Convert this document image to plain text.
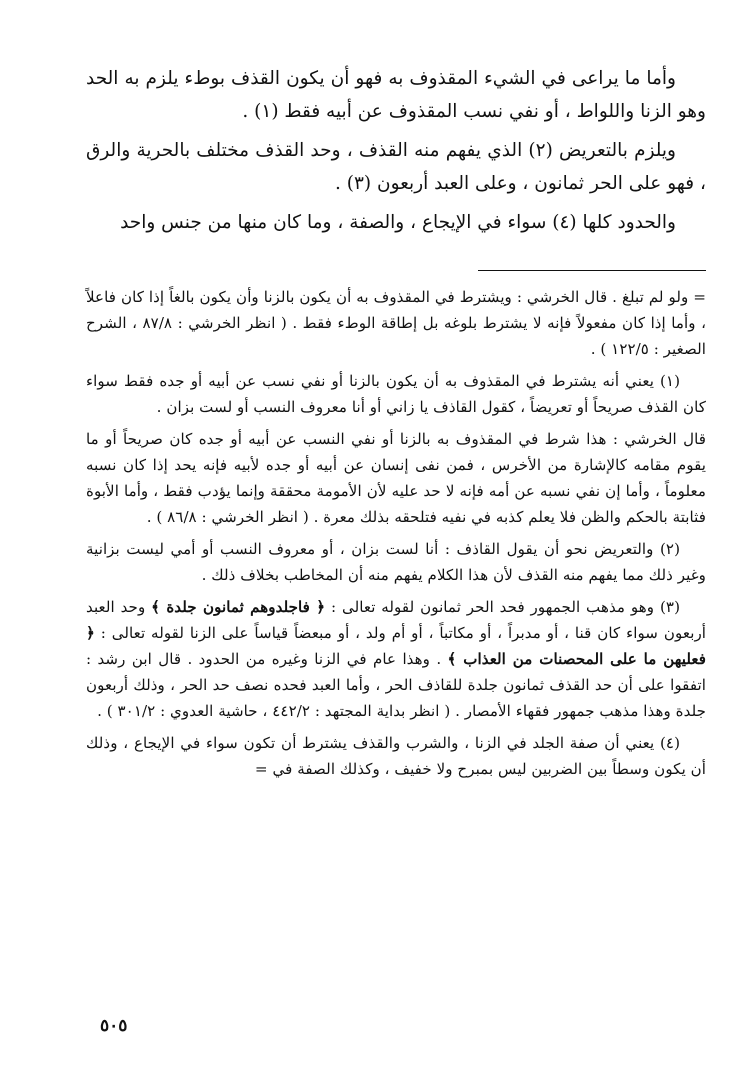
وأما ما يراعى في الشيء المقذوف به فهو أن يكون القذف بوطء يلزم به الحد وهو الزنا واللواط ، أو نفي نسب المقذوف عن أبيه فقط (١) .

ويلزم بالتعريض (٢) الذي يفهم منه القذف ، وحد القذف مختلف بالحرية والرق ، فهو على الحر ثمانون ، وعلى العبد أربعون (٣) .

والحدود كلها (٤) سواء في الإيجاع ، والصفة ، وما كان منها من جنس واحد

= ولو لم تبلغ . قال الخرشي : ويشترط في المقذوف به أن يكون بالزنا وأن يكون بالغاً إذا كان فاعلاً ، وأما إذا كان مفعولاً فإنه لا يشترط بلوغه بل إطاقة الوطء فقط . ( انظر الخرشي : ٨٧/٨ ، الشرح الصغير : ١٢٢/٥ ) .

(١) يعني أنه يشترط في المقذوف به أن يكون بالزنا أو نفي نسب عن أبيه أو جده فقط سواء كان القذف صريحاً أو تعريضاً ، كقول القاذف يا زاني أو أنا معروف النسب أو لست بزان .

قال الخرشي : هذا شرط في المقذوف به بالزنا أو نفي النسب عن أبيه أو جده كان صريحاً أو ما يقوم مقامه كالإشارة من الأخرس ، فمن نفى إنسان عن أبيه أو جده لأبيه فإنه يحد إذا كان نسبه معلوماً ، وأما إن نفي نسبه عن أمه فإنه لا حد عليه لأن الأمومة محققة وإنما يؤدب فقط ، وأما الأبوة فثابتة بالحكم والظن فلا يعلم كذبه في نفيه فتلحقه بذلك معرة . ( انظر الخرشي : ٨٦/٨ ) .

(٢) والتعريض نحو أن يقول القاذف : أنا لست بزان ، أو معروف النسب أو أمي ليست بزانية وغير ذلك مما يفهم منه القذف لأن هذا الكلام يفهم منه أن المخاطب بخلاف ذلك .

(٣) وهو مذهب الجمهور فحد الحر ثمانون لقوله تعالى : ﴿ فاجلدوهم ثمانون جلدة ﴾ وحد العبد أربعون سواء كان قنا ، أو مدبراً ، أو مكاتباً ، أو أم ولد ، أو مبعضاً قياساً على الزنا لقوله تعالى : ﴿ فعليهن ما على المحصنات من العذاب ﴾ . وهذا عام في الزنا وغيره من الحدود . قال ابن رشد : اتفقوا على أن حد القذف ثمانون جلدة للقاذف الحر ، وأما العبد فحده نصف حد الحر ، وذلك أربعون جلدة وهذا مذهب جمهور فقهاء الأمصار . ( انظر بداية المجتهد : ٤٤٢/٢ ، حاشية العدوي : ٣٠١/٢ ) .

(٤) يعني أن صفة الجلد في الزنا ، والشرب والقذف يشترط أن تكون سواء في الإيجاع ، وذلك أن يكون وسطاً بين الضربين ليس بمبرح ولا خفيف ، وكذلك الصفة في =

٥٠٥
